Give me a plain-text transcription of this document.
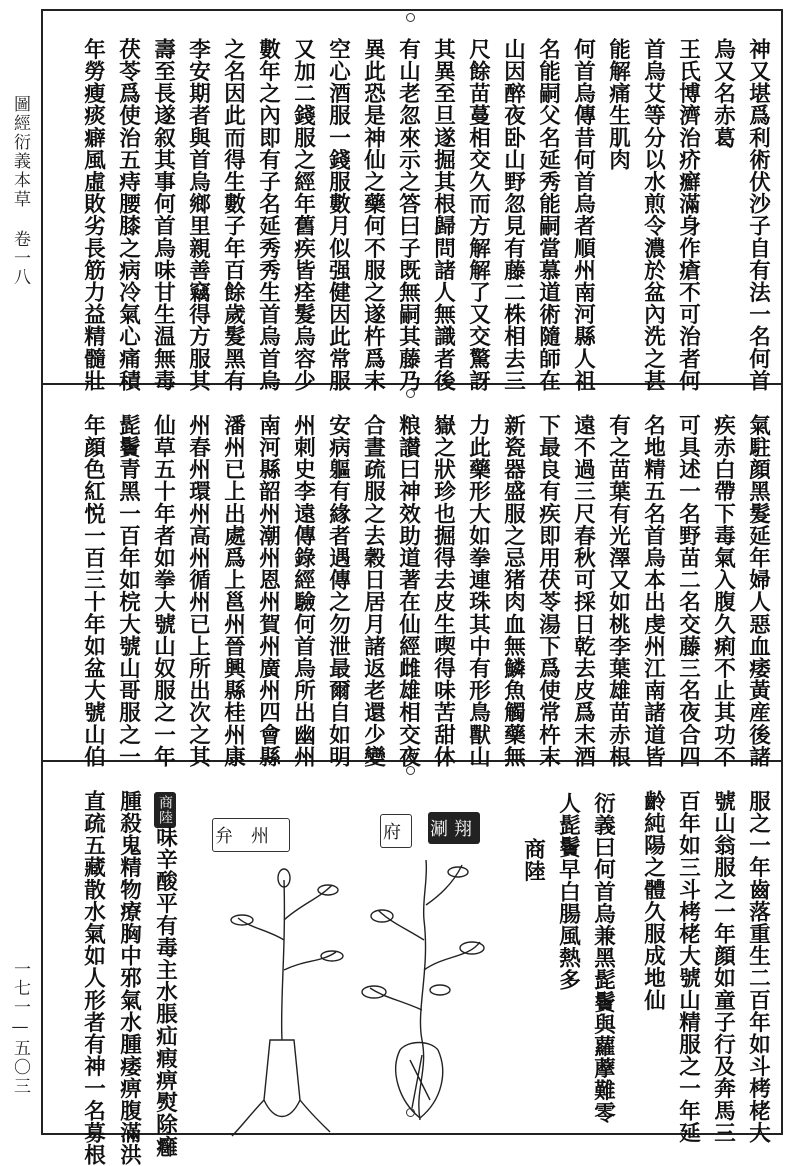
圖經衍義本草
卷一八
一七一—五〇三
神又堪爲利術伏沙子自有法一名何首
烏又名赤葛
王氏博濟治疥癬滿身作瘡不可治者何
首烏艾等分以水煎令濃於盆內洗之甚
能解痛生肌肉
何首烏傳昔何首烏者順州南河縣人祖
名能嗣父名延秀能嗣當慕道術隨師在
山因醉夜卧山野忽見有藤二株相去三
尺餘苗蔓相交久而方解解了又交驚訝
其異至旦遂掘其根歸問諸人無識者後
有山老忽來示之答曰子既無嗣其藤乃
異此恐是神仙之藥何不服之遂杵爲末
空心酒服一錢服數月似强健因此常服
又加二錢服之經年舊疾皆痊髮烏容少
數年之內即有子名延秀秀生首烏首烏
之名因此而得生數子年百餘歲髮黑有
李安期者與首烏鄉里親善竊得方服其
壽至長遂叙其事何首烏味甘生温無毒
茯苓爲使治五痔腰膝之病冷氣心痛積
年勞瘦痰癖風虛敗劣長筋力益精髓壯
氣駐顔黑髮延年婦人惡血痿黃産後諸
疾赤白帶下毒氣入腹久痢不止其功不
可具述一名野苗二名交藤三名夜合四
名地精五名首烏本出虔州江南諸道皆
有之苗葉有光澤又如桃李葉雄苗赤根
遠不過三尺春秋可採日乾去皮爲末酒
下最良有疾即用茯苓湯下爲使常杵末
新瓷器盛服之忌猪肉血無鱗魚觸藥無
力此藥形大如拳連珠其中有形鳥獸山
嶽之狀珍也掘得去皮生喫得味苦甜休
粮讃曰神效助道著在仙經雌雄相交夜
合晝疏服之去穀日居月諸返老還少變
安病軀有緣者遇傳之勿泄最爾自如明
州刺史李遠傳錄經驗何首烏所出幽州
南河縣韶州潮州恩州賀州廣州四會縣
潘州已上出處爲上邕州晉興縣桂州康
州春州環州高州循州已上所出次之其
仙草五十年者如拳大號山奴服之一年
髭鬢青黑一百年如梡大號山哥服之一
年顔色紅悦一百三十年如盆大號山伯
服之一年齒落重生二百年如斗栲栳大
號山翁服之一年顔如童子行及奔馬三
百年如三斗栲栳大號山精服之一年延
齡純陽之體久服成地仙
衍義曰何首烏兼黑髭鬢與蘿藦難零
人髭鬢早白腸風熱多
商陸
涮翔
府
弁州
商陸
味辛酸平有毒主水脹疝瘕痹熨除癰
腫殺鬼精物療胸中邪氣水腫痿痹腹滿洪
直疏五藏散水氣如人形者有神一名募根
